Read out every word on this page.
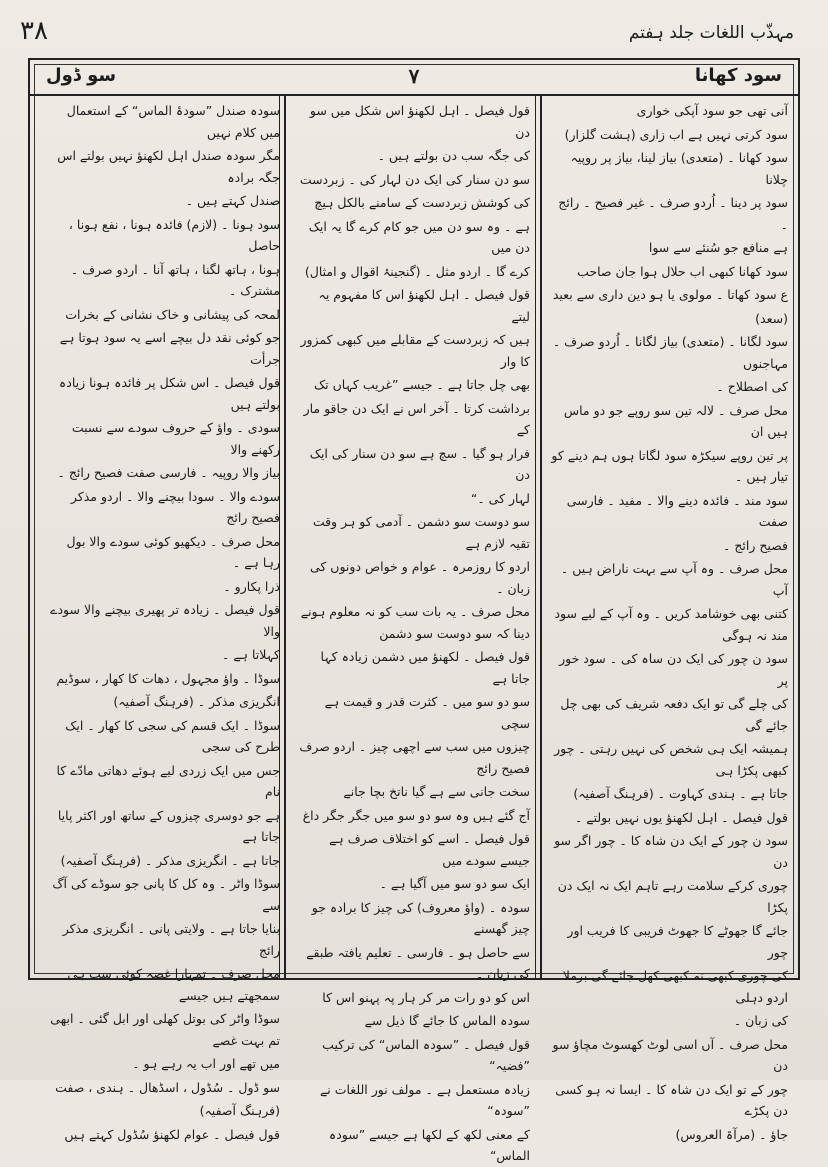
۳۸	مہذّب اللغات جلد ہفتم
سود کھانا
۷
سو ڈول

آنی تھی جو سود آپکی خواری

سود کرتی نہیں ہے اب زاری (ہشت گلزار)

سود کھانا ۔ (متعدی) بیاز لینا، بیاز پر روپیہ چلانا

سود پر دینا ۔ اُردو صرف ۔ غیر فصیح ۔ رائج ۔

ہے منافع جو سُنئے سے سوا

سود کھانا کبھی اب حلال ہوا جان صاحب

ع سود کھاتا ۔ مولوی یا ہو دین داری سے بعید

(سعد)

سود لگانا ۔ (متعدی) بیاز لگانا ۔ اُردو صرف ۔ مہاجنوں

کی اصطلاح ۔

محل صرف ۔ لالہ تین سو روپے جو دو ماس ہیں ان

پر تین روپے سیکڑہ سود لگاتا ہوں ہم دینے کو تیار ہیں ۔

سود مند ۔ فائدہ دینے والا ۔ مفید ۔ فارسی صفت

فصیح رائج ۔

محل صرف ۔ وہ آپ سے بہت ناراض ہیں ۔ آپ

کتنی بھی خوشامد کریں ۔ وہ آپ کے لیے سود مند نہ ہوگی

سود ن چور کی ایک دن ساہ کی ۔ سود خور پر

کی چلے گی تو ایک دفعہ شریف کی بھی چل جائے گی

ہمیشہ ایک ہی شخص کی نہیں رہتی ۔ چور کبھی پکڑا ہی

جاتا ہے ۔ ہندی کہاوت ۔ (فرہنگ آصفیہ)

قول فیصل ۔ اہل لکھنؤ یوں نہیں بولتے ۔

سود ن چور کے ایک دن شاہ کا ۔ چور اگر سو دن

چوری کرکے سلامت رہے تاہم ایک نہ ایک دن پکڑا

جائے گا جھوٹے کا جھوٹ فریبی کا فریب اور چور

کی چوری کبھی نہ کبھی کھل جائے گی برملا اردو دہلی

کی زبان ۔

محل صرف ۔ آں اسی لوٹ کھسوٹ مچاؤ سو دن

چور کے تو ایک دن شاہ کا ۔ ایسا نہ ہو کسی دن پکڑے

جاؤ ۔ (مرآۃ العروس)

قول فیصل ۔ اہل لکھنؤ اس شکل میں سو دن

کی جگہ سب دن بولتے ہیں ۔

سو دن سنار کی ایک دن لہار کی ۔ زبردست

کی کوشش زبردست کے سامنے بالکل ہیچ

ہے ۔ وہ سو دن میں جو کام کرے گا یہ ایک دن میں

کرے گا ۔ اردو مثل ۔ (گنجینۂ اقوال و امثال)

قول فیصل ۔ اہل لکھنؤ اس کا مفہوم یہ لیتے

ہیں کہ زبردست کے مقابلے میں کبھی کمزور کا وار

بھی چل جاتا ہے ۔ جیسے ”غریب کہاں تک

برداشت کرتا ۔ آخر اس نے ایک دن جاقو مار کے

فرار ہو گیا ۔ سچ ہے سو دن سنار کی ایک دن

لہار کی ۔“

سو دوست سو دشمن ۔ آدمی کو ہر وقت تقیہ لازم ہے

اردو کا روزمرہ ۔ عوام و خواص دونوں کی زبان ۔

محل صرف ۔ یہ بات سب کو نہ معلوم ہونے دینا کہ سو دوست سو دشمن

قول فیصل ۔ لکھنؤ میں دشمن زیادہ کہا جاتا ہے

سو دو سو میں ۔ کثرت قدر و قیمت ہے سچی

چیزوں میں سب سے اچھی چیز ۔ اردو صرف فصیح رائج

سخت جانی سے ہے گیا ناتخ بچا جانے

آج گئے ہیں وہ سو دو سو میں جگر جگر داغ

قول فیصل ۔ اسے کو اختلاف صرف ہے جیسے سودے میں

ایک سو دو سو میں آگیا ہے ۔

سودہ ۔ (واؤ معروف) کی چیز کا برادہ جو چیز گھسنے

سے حاصل ہو ۔ فارسی ۔ تعلیم یافتہ طبقے کی زبان ۔

اس کو دو رات مر کر ہار پہ پہنو اس کا

سودہ الماس کا جائے گا ذیل سے

قول فیصل ۔ ”سودہ الماس“ کی ترکیب ”فضیہ“

زیادہ مستعمل ہے ۔ مولف نور اللغات نے ”سودہ“

کے معنی لکھ کے لکھا ہے جیسے ”سودہ الماس“

سودہ صندل ”سودۂ الماس“ کے استعمال میں کلام نہیں

مگر سودہ صندل اہل لکھنؤ نہیں بولتے اس جگہ برادہ

صندل کہتے ہیں ۔

سود ہونا ۔ (لازم) فائدہ ہونا ، نفع ہونا ، حاصل

ہونا ، ہاتھ لگنا ، ہاتھ آنا ۔ اردو صرف ۔ مشترک ۔

لمحہ کی پیشانی و خاک نشانی کے بخرات

جو کوئی نقد دل بیچے اسے یہ سود ہوتا ہے جرأت

قول فیصل ۔ اس شکل پر فائدہ ہونا زیادہ بولتے ہیں

سودی ۔ واؤ کے حروف سودے سے نسبت رکھنے والا

بیاز والا روپیہ ۔ فارسی صفت فصیح رائج ۔

سودے والا ۔ سودا بیچنے والا ۔ اردو مذکر فصیح رائج

محل صرف ۔ دیکھیو کوئی سودے والا بول رہا ہے ۔

ذرا پکارو ۔

قول فیصل ۔ زیادہ تر پھیری بیچنے والا سودے والا

کہلاتا ہے ۔

سوڈا ۔ واؤ مجہول ، دھات کا کھار ، سوڈیم

انگریزی مذکر ۔ (فرہنگ آصفیہ)

سوڈا ۔ ایک قسم کی سجی کا کھار ۔ ایک طرح کی سجی

جس میں ایک زردی لیے ہوئے دھاتی مادّے کا نام

ہے جو دوسری چیزوں کے ساتھ اور اکثر پایا جاتا ہے

جاتا ہے ۔ انگریزی مذکر ۔ (فرہنگ آصفیہ)

سوڈا واٹر ۔ وہ کل کا پانی جو سوڈے کی آگ سے

بنایا جاتا ہے ۔ ولایتی پانی ۔ انگریزی مذکر رائج

محل صرف ۔ تمہارا غصہ کوئی سب ہی سمجھتے ہیں جیسے

سوڈا واٹر کی بوتل کھلی اور ابل گئی ۔ ابھی تم بہت غصے

میں تھے اور اب یہ رہے ہو ۔

سو ڈول ۔ سُڈول ، اسڈھال ۔ ہندی ، صفت

(فرہنگ آصفیہ)

قول فیصل ۔ عوام لکھنؤ سُڈول کہتے ہیں
